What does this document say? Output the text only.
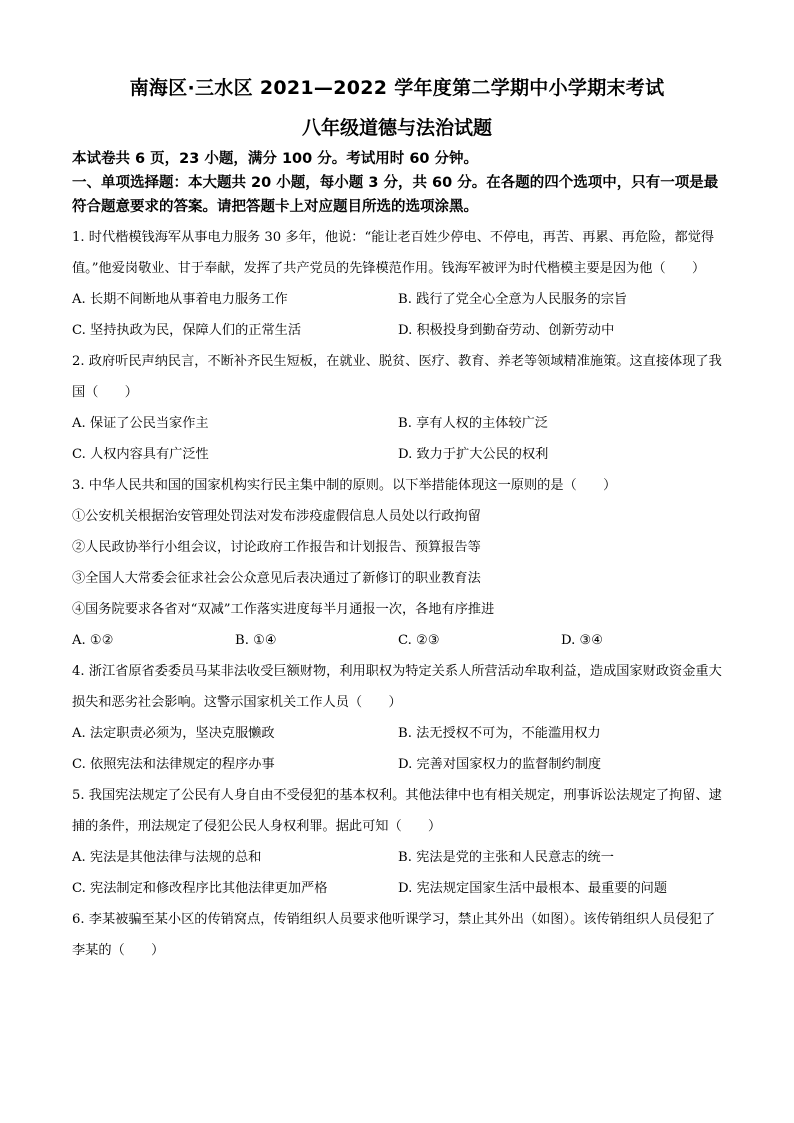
南海区·三水区 2021—2022 学年度第二学期中小学期末考试
八年级道德与法治试题

本试卷共 6 页，23 小题，满分 100 分。考试用时 60 分钟。

一、单项选择题：本大题共 20 小题，每小题 3 分，共 60 分。在各题的四个选项中，只有一项是最符合题意要求的答案。请把答题卡上对应题目所选的选项涂黑。

1. 时代楷模钱海军从事电力服务 30 多年，他说：“能让老百姓少停电、不停电，再苦、再累、再危险，都觉得值。”他爱岗敬业、甘于奉献，发挥了共产党员的先锋模范作用。钱海军被评为时代楷模主要是因为他（　　）

A. 长期不间断地从事着电力服务工作	B. 践行了党全心全意为人民服务的宗旨
C. 坚持执政为民，保障人们的正常生活	D. 积极投身到勤奋劳动、创新劳动中

2. 政府听民声纳民言，不断补齐民生短板，在就业、脱贫、医疗、教育、养老等领域精准施策。这直接体现了我国（　　）

A. 保证了公民当家作主	B. 享有人权的主体较广泛
C. 人权内容具有广泛性	D. 致力于扩大公民的权利

3. 中华人民共和国的国家机构实行民主集中制的原则。以下举措能体现这一原则的是（　　）

①公安机关根据治安管理处罚法对发布涉疫虚假信息人员处以行政拘留

②人民政协举行小组会议，讨论政府工作报告和计划报告、预算报告等

③全国人大常委会征求社会公众意见后表决通过了新修订的职业教育法

④国务院要求各省对“双减”工作落实进度每半月通报一次，各地有序推进

A. ①②	B. ①④	C. ②③	D. ③④

4. 浙江省原省委委员马某非法收受巨额财物，利用职权为特定关系人所营活动牟取利益，造成国家财政资金重大损失和恶劣社会影响。这警示国家机关工作人员（　　）

A. 法定职责必须为，坚决克服懒政	B. 法无授权不可为，不能滥用权力
C. 依照宪法和法律规定的程序办事	D. 完善对国家权力的监督制约制度

5. 我国宪法规定了公民有人身自由不受侵犯的基本权利。其他法律中也有相关规定，刑事诉讼法规定了拘留、逮捕的条件，刑法规定了侵犯公民人身权利罪。据此可知（　　）

A. 宪法是其他法律与法规的总和	B. 宪法是党的主张和人民意志的统一
C. 宪法制定和修改程序比其他法律更加严格	D. 宪法规定国家生活中最根本、最重要的问题

6. 李某被骗至某小区的传销窝点，传销组织人员要求他听课学习，禁止其外出（如图）。该传销组织人员侵犯了李某的（　　）
